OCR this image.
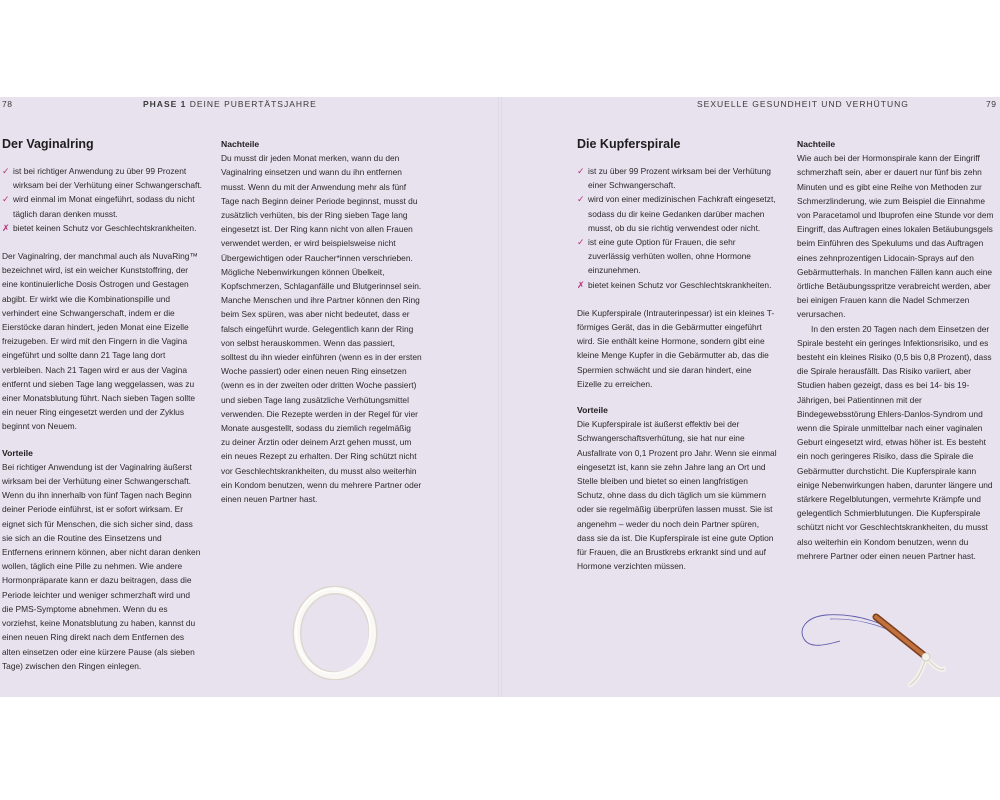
78	PHASE 1 DEINE PUBERTÄTSJAHRE	SEXUELLE GESUNDHEIT UND VERHÜTUNG	79
Der Vaginalring
✓ ist bei richtiger Anwendung zu über 99 Prozent wirksam bei der Verhütung einer Schwangerschaft.
✓ wird einmal im Monat eingeführt, sodass du nicht täglich daran denken musst.
✗ bietet keinen Schutz vor Geschlechtskrankheiten.

Der Vaginalring, der manchmal auch als NuvaRing™ bezeichnet wird, ist ein weicher Kunststoffring, der eine kontinuierliche Dosis Östrogen und Gestagen abgibt. Er wirkt wie die Kombinationspille und verhindert eine Schwangerschaft, indem er die Eierstöcke daran hindert, jeden Monat eine Eizelle freizugeben. Er wird mit den Fingern in die Vagina eingeführt und sollte dann 21 Tage lang dort verbleiben. Nach 21 Tagen wird er aus der Vagina entfernt und sieben Tage lang weggelassen, was zu einer Monatsblutung führt. Nach sieben Tagen sollte ein neuer Ring eingesetzt werden und der Zyklus beginnt von Neuem.

Vorteile

Bei richtiger Anwendung ist der Vaginalring äußerst wirksam bei der Verhütung einer Schwangerschaft. Wenn du ihn innerhalb von fünf Tagen nach Beginn deiner Periode einführst, ist er sofort wirksam. Er eignet sich für Menschen, die sich sicher sind, dass sie sich an die Routine des Einsetzens und Entfernens erinnern können, aber nicht daran denken wollen, täglich eine Pille zu nehmen. Wie andere Hormonpräparate kann er dazu beitragen, dass die Periode leichter und weniger schmerzhaft wird und die PMS-Symptome abnehmen. Wenn du es vorziehst, keine Monatsblutung zu haben, kannst du einen neuen Ring direkt nach dem Entfernen des alten einsetzen oder eine kürzere Pause (als sieben Tage) zwischen den Ringen einlegen.

Nachteile

Du musst dir jeden Monat merken, wann du den Vaginalring einsetzen und wann du ihn entfernen musst. Wenn du mit der Anwendung mehr als fünf Tage nach Beginn deiner Periode beginnst, musst du zusätzlich verhüten, bis der Ring sieben Tage lang eingesetzt ist. Der Ring kann nicht von allen Frauen verwendet werden, er wird beispielsweise nicht Übergewichtigen oder Raucher*innen verschrieben. Mögliche Nebenwirkungen können Übelkeit, Kopfschmerzen, Schlaganfälle und Blutgerinnsel sein. Manche Menschen und ihre Partner können den Ring beim Sex spüren, was aber nicht bedeutet, dass er falsch eingeführt wurde. Gelegentlich kann der Ring von selbst herauskommen. Wenn das passiert, solltest du ihn wieder einführen (wenn es in der ersten Woche passiert) oder einen neuen Ring einsetzen (wenn es in der zweiten oder dritten Woche passiert) und sieben Tage lang zusätzliche Verhütungsmittel verwenden. Die Rezepte werden in der Regel für vier Monate ausgestellt, sodass du ziemlich regelmäßig zu deiner Ärztin oder deinem Arzt gehen musst, um ein neues Rezept zu erhalten. Der Ring schützt nicht vor Geschlechtskrankheiten, du musst also weiterhin ein Kondom benutzen, wenn du mehrere Partner oder einen neuen Partner hast.

Die Kupferspirale
✓ ist zu über 99 Prozent wirksam bei der Verhütung einer Schwangerschaft.
✓ wird von einer medizinischen Fachkraft eingesetzt, sodass du dir keine Gedanken darüber machen musst, ob du sie richtig verwendest oder nicht.
✓ ist eine gute Option für Frauen, die sehr zuverlässig verhüten wollen, ohne Hormone einzunehmen.
✗ bietet keinen Schutz vor Geschlechtskrankheiten.

Die Kupferspirale (Intrauterinpessar) ist ein kleines T-förmiges Gerät, das in die Gebärmutter eingeführt wird. Sie enthält keine Hormone, sondern gibt eine kleine Menge Kupfer in die Gebärmutter ab, das die Spermien schwächt und sie daran hindert, eine Eizelle zu erreichen.

Vorteile

Die Kupferspirale ist äußerst effektiv bei der Schwangerschaftsverhütung, sie hat nur eine Ausfallrate von 0,1 Prozent pro Jahr. Wenn sie einmal eingesetzt ist, kann sie zehn Jahre lang an Ort und Stelle bleiben und bietet so einen langfristigen Schutz, ohne dass du dich täglich um sie kümmern oder sie regelmäßig überprüfen lassen musst. Sie ist angenehm – weder du noch dein Partner spüren, dass sie da ist. Die Kupferspirale ist eine gute Option für Frauen, die an Brustkrebs erkrankt sind und auf Hormone verzichten müssen.

Nachteile

Wie auch bei der Hormonspirale kann der Eingriff schmerzhaft sein, aber er dauert nur fünf bis zehn Minuten und es gibt eine Reihe von Methoden zur Schmerzlinderung, wie zum Beispiel die Einnahme von Paracetamol und Ibuprofen eine Stunde vor dem Eingriff, das Auftragen eines lokalen Betäubungsgels beim Einführen des Spekulums und das Auftragen eines zehnprozentigen Lidocain-Sprays auf den Gebärmutterhals. In manchen Fällen kann auch eine örtliche Betäubungsspritze verabreicht werden, aber bei einigen Frauen kann die Nadel Schmerzen verursachen.

In den ersten 20 Tagen nach dem Einsetzen der Spirale besteht ein geringes Infektionsrisiko, und es besteht ein kleines Risiko (0,5 bis 0,8 Prozent), dass die Spirale herausfällt. Das Risiko variiert, aber Studien haben gezeigt, dass es bei 14- bis 19-Jährigen, bei Patientinnen mit der Bindegewebsstörung Ehlers-Danlos-Syndrom und wenn die Spirale unmittelbar nach einer vaginalen Geburt eingesetzt wird, etwas höher ist. Es besteht ein noch geringeres Risiko, dass die Spirale die Gebärmutter durchsticht. Die Kupferspirale kann einige Nebenwirkungen haben, darunter längere und stärkere Regelblutungen, vermehrte Krämpfe und gelegentlich Schmierblutungen. Die Kupferspirale schützt nicht vor Geschlechtskrankheiten, du musst also weiterhin ein Kondom benutzen, wenn du mehrere Partner oder einen neuen Partner hast.
